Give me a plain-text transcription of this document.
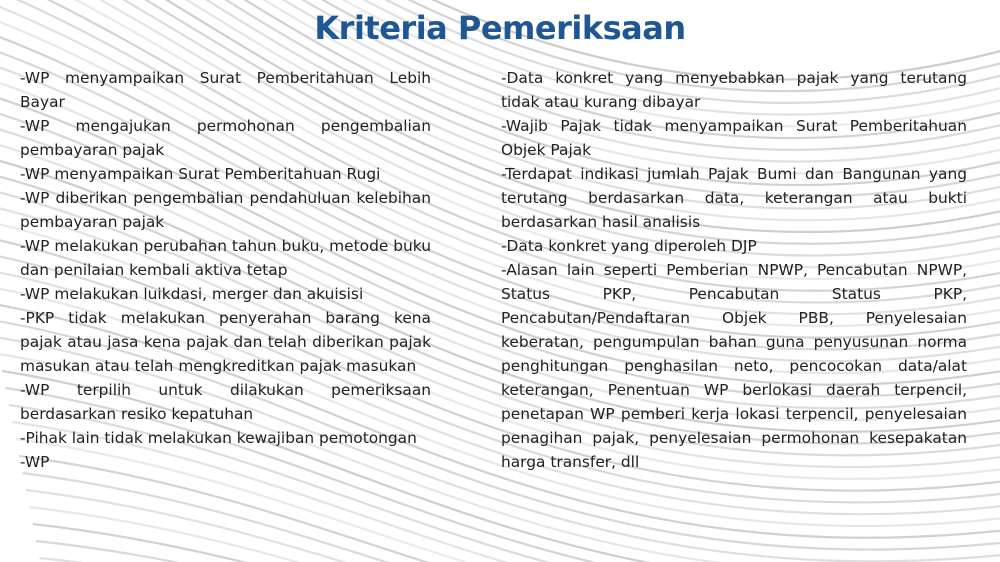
Kriteria Pemeriksaan

-WP menyampaikan Surat Pemberitahuan Lebih Bayar

-WP mengajukan permohonan pengembalian pembayaran pajak

-WP menyampaikan Surat Pemberitahuan Rugi

-WP diberikan pengembalian pendahuluan kelebihan pembayaran pajak

-WP melakukan perubahan tahun buku, metode buku dan penilaian kembali aktiva tetap

-WP melakukan luikdasi, merger dan akuisisi

-PKP tidak melakukan penyerahan barang kena pajak atau jasa kena pajak dan telah diberikan pajak masukan atau telah mengkreditkan pajak masukan

-WP terpilih untuk dilakukan pemeriksaan berdasarkan resiko kepatuhan

-Pihak lain tidak melakukan kewajiban pemotongan

-WP

-Data konkret yang menyebabkan pajak yang terutang tidak atau kurang dibayar

-Wajib Pajak tidak menyampaikan Surat Pemberitahuan Objek Pajak

-Terdapat indikasi jumlah Pajak Bumi dan Bangunan yang terutang berdasarkan data, keterangan atau bukti berdasarkan hasil analisis

-Data konkret yang diperoleh DJP

-Alasan lain seperti Pemberian NPWP, Pencabutan NPWP, Status PKP, Pencabutan Status PKP, Pencabutan/Pendaftaran Objek PBB, Penyelesaian keberatan, pengumpulan bahan guna penyusunan norma penghitungan penghasilan neto, pencocokan data/alat keterangan, Penentuan WP berlokasi daerah terpencil, penetapan WP pemberi kerja lokasi terpencil, penyelesaian penagihan pajak, penyelesaian permohonan kesepakatan harga transfer, dll
